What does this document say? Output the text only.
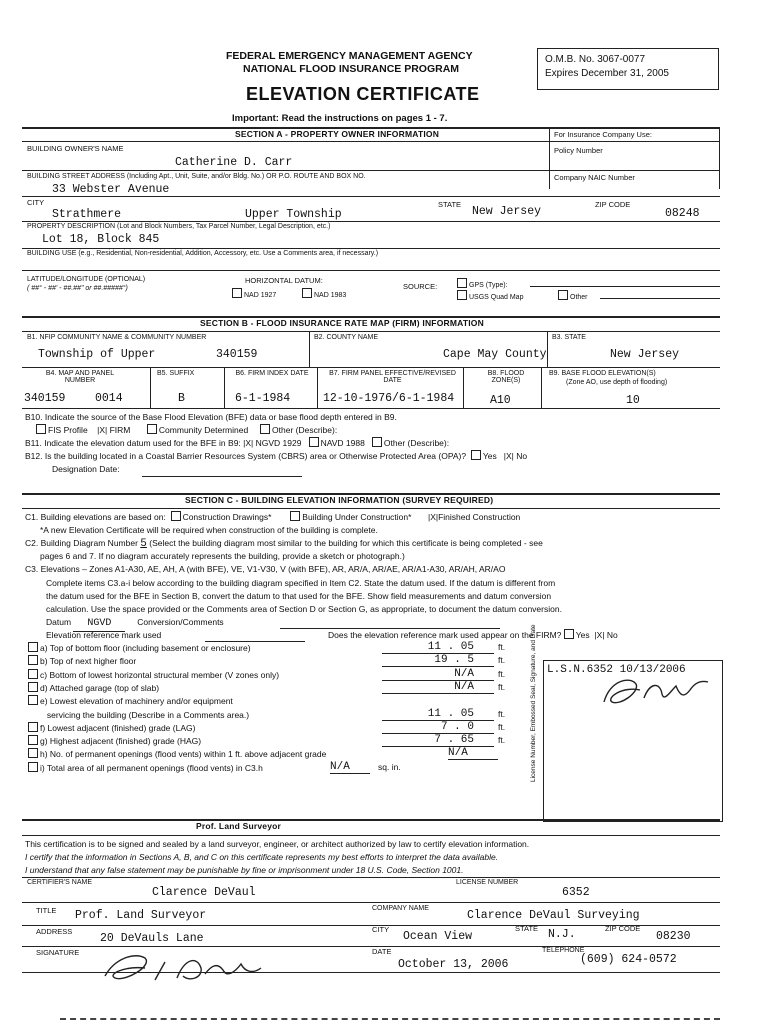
FEDERAL EMERGENCY MANAGEMENT AGENCY
NATIONAL FLOOD INSURANCE PROGRAM
ELEVATION CERTIFICATE
Important: Read the instructions on pages 1 - 7.
O.M.B. No. 3067-0077
Expires December 31, 2005
SECTION A - PROPERTY OWNER INFORMATION	For Insurance Company Use:
Policy Number
Company NAIC Number
BUILDING OWNER'S NAME
Catherine D. Carr
BUILDING STREET ADDRESS (Including Apt., Unit, Suite, and/or Bldg. No.) OR P.O. ROUTE AND BOX NO.
33 Webster Avenue
CITY
Strathmere	Upper Township
STATE
New Jersey
ZIP CODE
08248
PROPERTY DESCRIPTION (Lot and Block Numbers, Tax Parcel Number, Legal Description, etc.)
Lot 18, Block 845
BUILDING USE (e.g., Residential, Non-residential, Addition, Accessory, etc. Use a Comments area, if necessary.)
LATITUDE/LONGITUDE (OPTIONAL)
( ##° - ##' - ##.##" or ##.#####°)
HORIZONTAL DATUM:
NAD 1927	NAD 1983
SOURCE:	GPS (Type):
USGS Quad Map	Other
SECTION B - FLOOD INSURANCE RATE MAP (FIRM) INFORMATION
B1. NFIP COMMUNITY NAME & COMMUNITY NUMBER
Township of Upper	340159
B2. COUNTY NAME
Cape May County
B3. STATE
New Jersey
B4. MAP AND PANEL NUMBER
340159	0014
B5. SUFFIX
B
B6. FIRM INDEX DATE
6-1-1984
B7. FIRM PANEL EFFECTIVE/REVISED DATE
12-10-1976/6-1-1984
B8. FLOOD ZONE(S)
A10
B9. BASE FLOOD ELEVATION(S)
(Zone AO, use depth of flooding)
10
B10. Indicate the source of the Base Flood Elevation (BFE) data or base flood depth entered in B9.
FIS Profile |X| FIRM	Community Determined	Other (Describe):
B11. Indicate the elevation datum used for the BFE in B9: |X| NGVD 1929 NAVD 1988 Other (Describe):
B12. Is the building located in a Coastal Barrier Resources System (CBRS) area or Otherwise Protected Area (OPA)? Yes |X| No
Designation Date:
SECTION C - BUILDING ELEVATION INFORMATION (SURVEY REQUIRED)
C1. Building elevations are based on: Construction Drawings*	Building Under Construction* |X|Finished Construction
*A new Elevation Certificate will be required when construction of the building is complete.
C2. Building Diagram Number 5 (Select the building diagram most similar to the building for which this certificate is being completed - see
pages 6 and 7. If no diagram accurately represents the building, provide a sketch or photograph.)
C3. Elevations – Zones A1-A30, AE, AH, A (with BFE), VE, V1-V30, V (with BFE), AR, AR/A, AR/AE, AR/A1-A30, AR/AH, AR/AO
Complete items C3.a-i below according to the building diagram specified in Item C2. State the datum used. If the datum is different from
the datum used for the BFE in Section B, convert the datum to that used for the BFE. Show field measurements and datum conversion
calculation. Use the space provided or the Comments area of Section D or Section G, as appropriate, to document the datum conversion.
Datum NGVD	Conversion/Comments
Elevation reference mark used	Does the elevation reference mark used appear on the FIRM? Yes |X| No
a) Top of bottom floor (including basement or enclosure)	11 . 05	ft.
b) Top of next higher floor	19 . 5	ft.
c) Bottom of lowest horizontal structural member (V zones only)	N/A	ft.
d) Attached garage (top of slab)	N/A	ft.
e) Lowest elevation of machinery and/or equipment
servicing the building (Describe in a Comments area.)	11 . 05	ft.
f) Lowest adjacent (finished) grade (LAG)	7 . 0	ft.
g) Highest adjacent (finished) grade (HAG)	7 . 65	ft.
h) No. of permanent openings (flood vents) within 1 ft. above adjacent grade	N/A
i) Total area of all permanent openings (flood vents) in C3.h	N/A	sq. in.	License Number, Embossed Seal, Signature, and Date L.S.N.6352 10/13/2006
Prof. Land Surveyor
This certification is to be signed and sealed by a land surveyor, engineer, or architect authorized by law to certify elevation information.
I certify that the information in Sections A, B, and C on this certificate represents my best efforts to interpret the data available.
I understand that any false statement may be punishable by fine or imprisonment under 18 U.S. Code, Section 1001.
CERTIFIER'S NAME
Clarence DeVaul
LICENSE NUMBER
6352
TITLE Prof. Land Surveyor
COMPANY NAME
Clarence DeVaul Surveying
ADDRESS
20 DeVauls Lane
CITY
Ocean View
STATE N.J.	ZIP CODE
08230
SIGNATURE	DATE
October 13, 2006
TELEPHONE
(609) 624-0572
